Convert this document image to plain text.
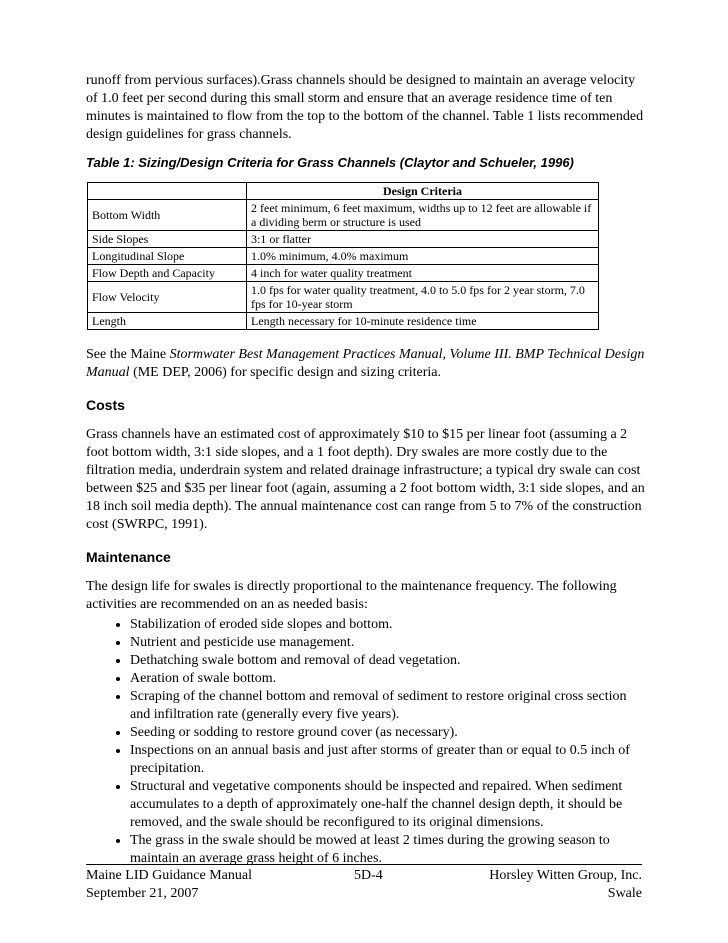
runoff from pervious surfaces).Grass channels should be designed to maintain an average velocity of 1.0 feet per second during this small storm and ensure that an average residence time of ten minutes is maintained to flow from the top to the bottom of the channel. Table 1 lists recommended design guidelines for grass channels.

Table 1: Sizing/Design Criteria for Grass Channels (Claytor and Schueler, 1996)

	Design Criteria
Bottom Width	2 feet minimum, 6 feet maximum, widths up to 12 feet are allowable if a dividing berm or structure is used
Side Slopes	3:1 or flatter
Longitudinal Slope	1.0% minimum, 4.0% maximum
Flow Depth and Capacity	4 inch for water quality treatment
Flow Velocity	1.0 fps for water quality treatment, 4.0 to 5.0 fps for 2 year storm, 7.0 fps for 10-year storm
Length	Length necessary for 10-minute residence time

See the Maine Stormwater Best Management Practices Manual, Volume III. BMP Technical Design Manual (ME DEP, 2006) for specific design and sizing criteria.

Costs

Grass channels have an estimated cost of approximately $10 to $15 per linear foot (assuming a 2 foot bottom width, 3:1 side slopes, and a 1 foot depth). Dry swales are more costly due to the filtration media, underdrain system and related drainage infrastructure; a typical dry swale can cost between $25 and $35 per linear foot (again, assuming a 2 foot bottom width, 3:1 side slopes, and an 18 inch soil media depth). The annual maintenance cost can range from 5 to 7% of the construction cost (SWRPC, 1991).

Maintenance

The design life for swales is directly proportional to the maintenance frequency. The following activities are recommended on an as needed basis:

• Stabilization of eroded side slopes and bottom.
• Nutrient and pesticide use management.
• Dethatching swale bottom and removal of dead vegetation.
• Aeration of swale bottom.
• Scraping of the channel bottom and removal of sediment to restore original cross section and infiltration rate (generally every five years).
• Seeding or sodding to restore ground cover (as necessary).
• Inspections on an annual basis and just after storms of greater than or equal to 0.5 inch of precipitation.
• Structural and vegetative components should be inspected and repaired. When sediment accumulates to a depth of approximately one-half the channel design depth, it should be removed, and the swale should be reconfigured to its original dimensions.
• The grass in the swale should be mowed at least 2 times during the growing season to maintain an average grass height of 6 inches.
Maine LID Guidance Manual	5D-4	Horsley Witten Group, Inc.
September 21, 2007	Swale
